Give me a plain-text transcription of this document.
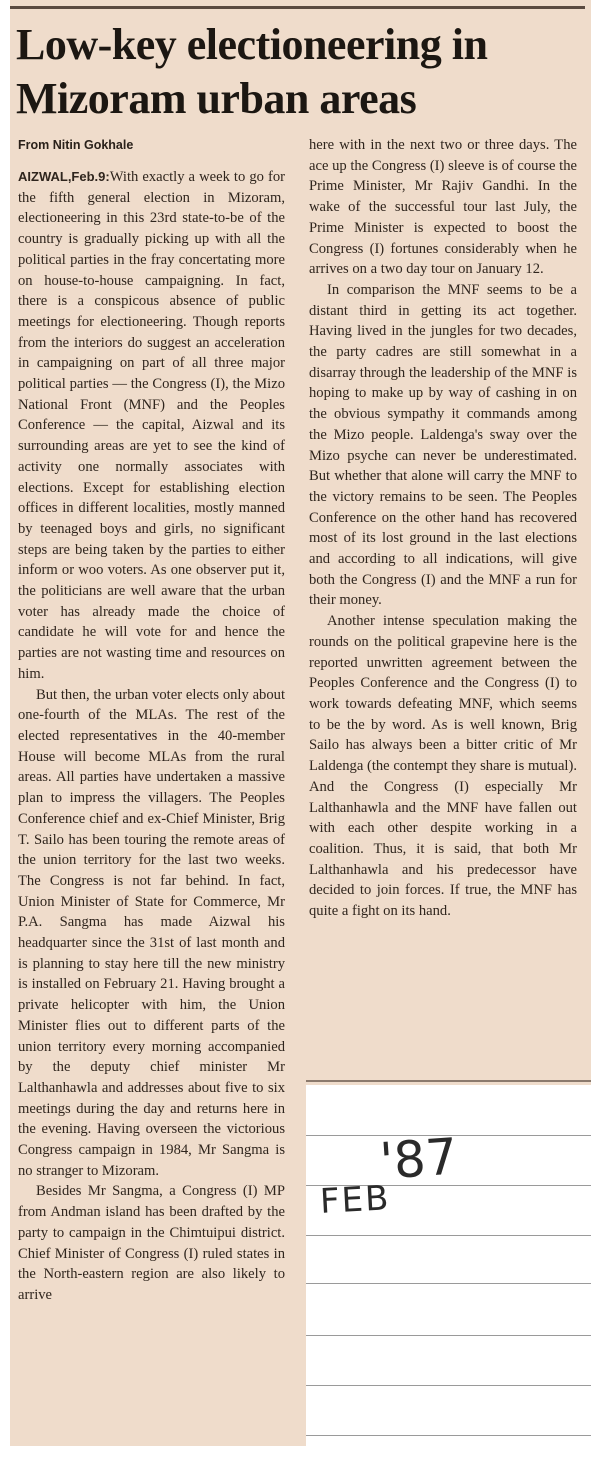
Low-key electioneering in Mizoram urban areas
From Nitin Gokhale

AIZWAL,Feb.9:With exactly a week to go for the fifth general election in Mizoram, electioneering in this 23rd state-to-be of the country is gradually picking up with all the political parties in the fray concertating more on house-to-house campaigning. In fact, there is a conspicous absence of public meetings for electioneering. Though reports from the interiors do suggest an acceleration in campaigning on part of all three major political parties — the Congress (I), the Mizo National Front (MNF) and the Peoples Conference — the capital, Aizwal and its surrounding areas are yet to see the kind of activity one normally associates with elections. Except for establishing election offices in different localities, mostly manned by teenaged boys and girls, no significant steps are being taken by the parties to either inform or woo voters. As one observer put it, the politicians are well aware that the urban voter has already made the choice of candidate he will vote for and hence the parties are not wasting time and resources on him.

But then, the urban voter elects only about one-fourth of the MLAs. The rest of the elected representatives in the 40-member House will become MLAs from the rural areas. All parties have undertaken a massive plan to impress the villagers. The Peoples Conference chief and ex-Chief Minister, Brig T. Sailo has been touring the remote areas of the union territory for the last two weeks. The Congress is not far behind. In fact, Union Minister of State for Commerce, Mr P.A. Sangma has made Aizwal his headquarter since the 31st of last month and is planning to stay here till the new ministry is installed on February 21. Having brought a private helicopter with him, the Union Minister flies out to different parts of the union territory every morning accompanied by the deputy chief minister Mr Lalthanhawla and addresses about five to six meetings during the day and returns here in the evening. Having overseen the victorious Congress campaign in 1984, Mr Sangma is no stranger to Mizoram.

Besides Mr Sangma, a Congress (I) MP from Andman island has been drafted by the party to campaign in the Chimtuipui district. Chief Minister of Congress (I) ruled states in the North-eastern region are also likely to arrive

here with in the next two or three days. The ace up the Congress (I) sleeve is of course the Prime Minister, Mr Rajiv Gandhi. In the wake of the successful tour last July, the Prime Minister is expected to boost the Congress (I) fortunes considerably when he arrives on a two day tour on January 12.

In comparison the MNF seems to be a distant third in getting its act together. Having lived in the jungles for two decades, the party cadres are still somewhat in a disarray through the leadership of the MNF is hoping to make up by way of cashing in on the obvious sympathy it commands among the Mizo people. Laldenga's sway over the Mizo psyche can never be underestimated. But whether that alone will carry the MNF to the victory remains to be seen. The Peoples Conference on the other hand has recovered most of its lost ground in the last elections and according to all indications, will give both the Congress (I) and the MNF a run for their money.

Another intense speculation making the rounds on the political grapevine here is the reported unwritten agreement between the Peoples Conference and the Congress (I) to work towards defeating MNF, which seems to be the by word. As is well known, Brig Sailo has always been a bitter critic of Mr Laldenga (the contempt they share is mutual). And the Congress (I) especially Mr Lalthanhawla and the MNF have fallen out with each other despite working in a coalition. Thus, it is said, that both Mr Lalthanhawla and his predecessor have decided to join forces. If true, the MNF has quite a fight on its hand.

'87
FEB
